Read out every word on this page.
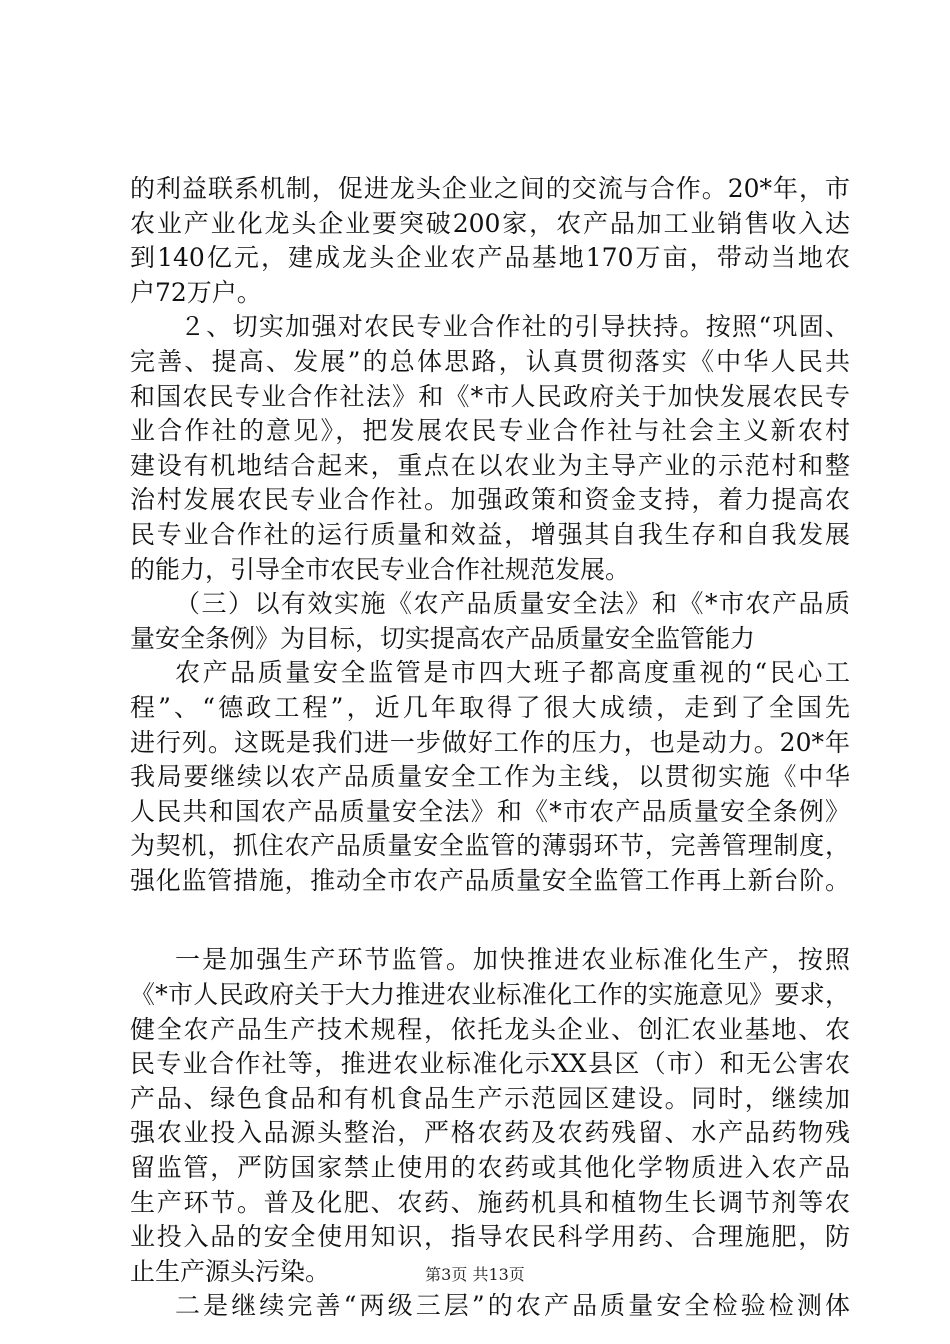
的利益联系机制，促进龙头企业之间的交流与合作。20*年，市
农业产业化龙头企业要突破200家，农产品加工业销售收入达
到140亿元，建成龙头企业农产品基地170万亩，带动当地农
户72万户。
２、切实加强对农民专业合作社的引导扶持。按照“巩固、
完善、提高、发展”的总体思路，认真贯彻落实《中华人民共
和国农民专业合作社法》和《*市人民政府关于加快发展农民专
业合作社的意见》，把发展农民专业合作社与社会主义新农村
建设有机地结合起来，重点在以农业为主导产业的示范村和整
治村发展农民专业合作社。加强政策和资金支持，着力提高农
民专业合作社的运行质量和效益，增强其自我生存和自我发展
的能力，引导全市农民专业合作社规范发展。
（三）以有效实施《农产品质量安全法》和《*市农产品质
量安全条例》为目标，切实提高农产品质量安全监管能力
农产品质量安全监管是市四大班子都高度重视的“民心工
程”、“德政工程”，近几年取得了很大成绩，走到了全国先
进行列。这既是我们进一步做好工作的压力，也是动力。20*年
我局要继续以农产品质量安全工作为主线，以贯彻实施《中华
人民共和国农产品质量安全法》和《*市农产品质量安全条例》
为契机，抓住农产品质量安全监管的薄弱环节，完善管理制度，
强化监管措施，推动全市农产品质量安全监管工作再上新台阶。
一是加强生产环节监管。加快推进农业标准化生产，按照
《*市人民政府关于大力推进农业标准化工作的实施意见》要求，
健全农产品生产技术规程，依托龙头企业、创汇农业基地、农
民专业合作社等，推进农业标准化示XX县区（市）和无公害农
产品、绿色食品和有机食品生产示范园区建设。同时，继续加
强农业投入品源头整治，严格农药及农药残留、水产品药物残
留监管，严防国家禁止使用的农药或其他化学物质进入农产品
生产环节。普及化肥、农药、施药机具和植物生长调节剂等农
业投入品的安全使用知识，指导农民科学用药、合理施肥，防
止生产源头污染。
二是继续完善“两级三层”的农产品质量安全检验检测体
第3页 共13页
